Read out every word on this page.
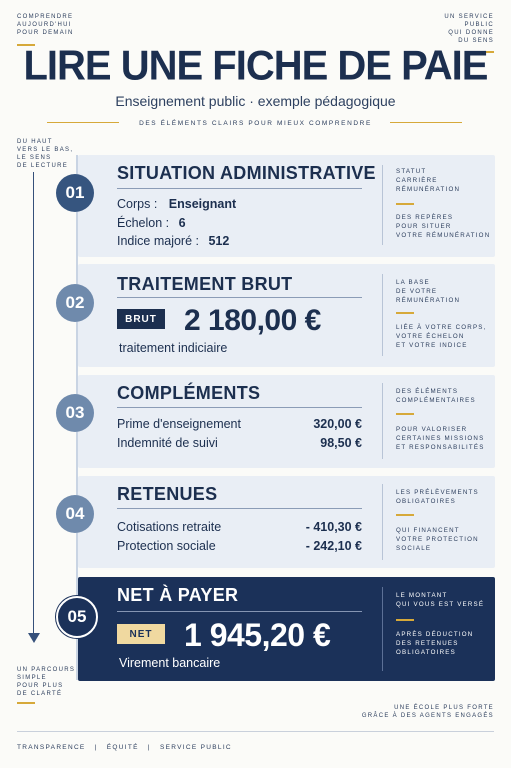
COMPRENDRE
AUJOURD'HUI
POUR DEMAIN
UN SERVICE
PUBLIC
QUI DONNE
DU SENS
LIRE UNE FICHE DE PAIE
Enseignement public · exemple pédagogique
DES ÉLÉMENTS CLAIRS POUR MIEUX COMPRENDRE
DU HAUT
VERS LE BAS,
LE SENS
DE LECTURE
UN PARCOURS
SIMPLE
POUR PLUS
DE CLARTÉ
SITUATION ADMINISTRATIVE
Corps : Enseignant
Échelon : 6
Indice majoré : 512
STATUT
CARRIÈRE
RÉMUNÉRATION
DES REPÈRES
POUR SITUER
VOTRE RÉMUNÉRATION
01
TRAITEMENT BRUT
BRUT 2 180,00 €
traitement indiciaire
LA BASE
DE VOTRE
RÉMUNÉRATION
LIÉE À VOTRE CORPS,
VOTRE ÉCHELON
ET VOTRE INDICE
02
COMPLÉMENTS
Prime d'enseignement	320,00 €
Indemnité de suivi	98,50 €
DES ÉLÉMENTS
COMPLÉMENTAIRES
POUR VALORISER
CERTAINES MISSIONS
ET RESPONSABILITÉS
03
RETENUES
Cotisations retraite	- 410,30 €
Protection sociale	- 242,10 €
LES PRÉLÈVEMENTS
OBLIGATOIRES
QUI FINANCENT
VOTRE PROTECTION
SOCIALE
04
NET À PAYER
NET 1 945,20 €
Virement bancaire
LE MONTANT
QUI VOUS EST VERSÉ
APRÈS DÉDUCTION
DES RETENUES
OBLIGATOIRES
05
UNE ÉCOLE PLUS FORTE
GRÂCE À DES AGENTS ENGAGÉS
TRANSPARENCE | ÉQUITÉ | SERVICE PUBLIC
